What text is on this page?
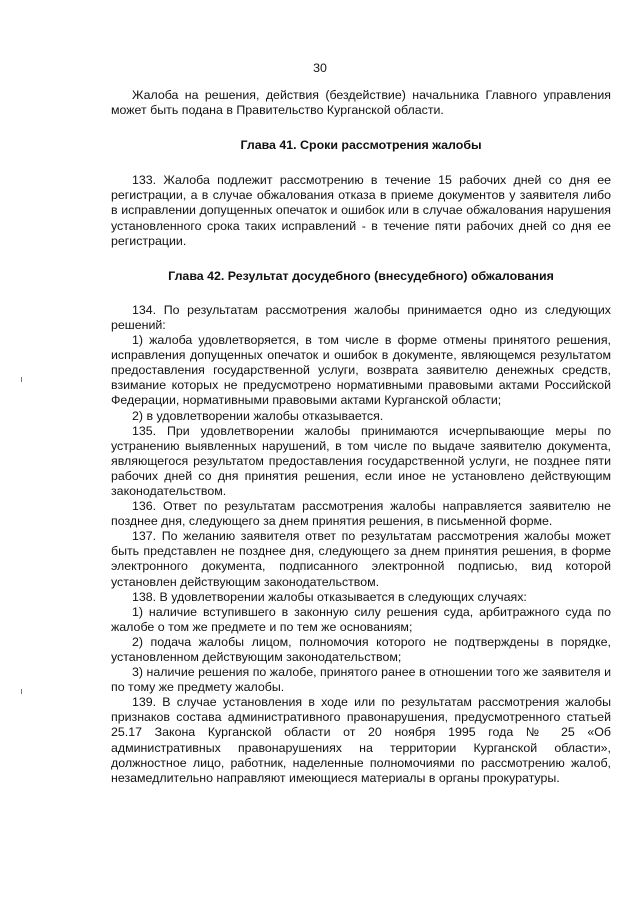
30

Жалоба на решения, действия (бездействие) начальника Главного управления может быть подана в Правительство Курганской области.

Глава 41. Сроки рассмотрения жалобы

133. Жалоба подлежит рассмотрению в течение 15 рабочих дней со дня ее регистрации, а в случае обжалования отказа в приеме документов у заявителя либо в исправлении допущенных опечаток и ошибок или в случае обжалования нарушения установленного срока таких исправлений - в течение пяти рабочих дней со дня ее регистрации.

Глава 42. Результат досудебного (внесудебного) обжалования

134. По результатам рассмотрения жалобы принимается одно из следующих решений:

1) жалоба удовлетворяется, в том числе в форме отмены принятого решения, исправления допущенных опечаток и ошибок в документе, являющемся результатом предоставления государственной услуги, возврата заявителю денежных средств, взимание которых не предусмотрено нормативными правовыми актами Российской Федерации, нормативными правовыми актами Курганской области;

2) в удовлетворении жалобы отказывается.

135. При удовлетворении жалобы принимаются исчерпывающие меры по устранению выявленных нарушений, в том числе по выдаче заявителю документа, являющегося результатом предоставления государственной услуги, не позднее пяти рабочих дней со дня принятия решения, если иное не установлено действующим законодательством.

136. Ответ по результатам рассмотрения жалобы направляется заявителю не позднее дня, следующего за днем принятия решения, в письменной форме.

137. По желанию заявителя ответ по результатам рассмотрения жалобы может быть представлен не позднее дня, следующего за днем принятия решения, в форме электронного документа, подписанного электронной подписью, вид которой установлен действующим законодательством.

138. В удовлетворении жалобы отказывается в следующих случаях:

1) наличие вступившего в законную силу решения суда, арбитражного суда по жалобе о том же предмете и по тем же основаниям;

2) подача жалобы лицом, полномочия которого не подтверждены в порядке, установленном действующим законодательством;

3) наличие решения по жалобе, принятого ранее в отношении того же заявителя и по тому же предмету жалобы.

139. В случае установления в ходе или по результатам рассмотрения жалобы признаков состава административного правонарушения, предусмотренного статьей 25.17 Закона Курганской области от 20 ноября 1995 года № 25 «Об административных правонарушениях на территории Курганской области», должностное лицо, работник, наделенные полномочиями по рассмотрению жалоб, незамедлительно направляют имеющиеся материалы в органы прокуратуры.
